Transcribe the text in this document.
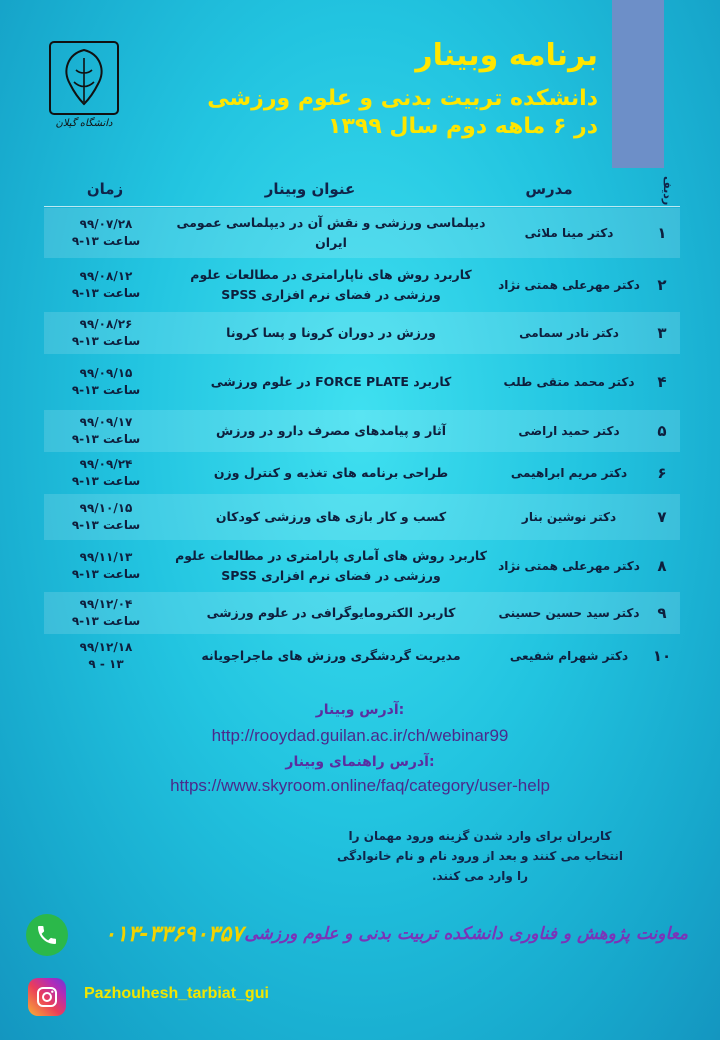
دانشگاه گیلان
برنامه وبینار
دانشکده تربیت بدنی و علوم ورزشی
در ۶ ماهه دوم سال ۱۳۹۹
ردیف
مدرس
عنوان وبینار
زمان
۱
دکتر مینا ملائی
دیپلماسی ورزشی و نقش آن در دیپلماسی عمومی ایران
۹۹/۰۷/۲۸
ساعت ۱۳-۹
۲
دکتر مهرعلی همتی نژاد
کاربرد روش های ناپارامتری در مطالعات علوم ورزشی در فضای نرم افزاری SPSS
۹۹/۰۸/۱۲
ساعت ۱۳-۹
۳
دکتر نادر سمامی
ورزش در دوران کرونا و پسا کرونا
۹۹/۰۸/۲۶
ساعت ۱۳-۹
۴
دکتر محمد متقی طلب
کاربرد FORCE PLATE در علوم ورزشی
۹۹/۰۹/۱۵
ساعت ۱۳-۹
۵
دکتر حمید اراضی
آثار و پیامدهای مصرف دارو در ورزش
۹۹/۰۹/۱۷
ساعت ۱۳-۹
۶
دکتر مریم ابراهیمی
طراحی برنامه های تغذیه و کنترل وزن
۹۹/۰۹/۲۴
ساعت ۱۳-۹
۷
دکتر نوشین بنار
کسب و کار بازی های ورزشی کودکان
۹۹/۱۰/۱۵
ساعت ۱۳-۹
۸
دکتر مهرعلی همتی نژاد
کاربرد روش های آماری پارامتری در مطالعات علوم ورزشی در فضای نرم افزاری SPSS
۹۹/۱۱/۱۳
ساعت ۱۳-۹
۹
دکتر سید حسین حسینی
کاربرد الکترومایوگرافی در علوم ورزشی
۹۹/۱۲/۰۴
ساعت ۱۳-۹
۱۰
دکتر شهرام شفیعی
مدیریت گردشگری ورزش های ماجراجویانه
۹۹/۱۲/۱۸
۱۳ - ۹
آدرس وبینار:
http://rooydad.guilan.ac.ir/ch/webinar99
آدرس راهنمای وبینار:
https://www.skyroom.online/faq/category/user-help
کاربران برای وارد شدن گزینه ورود مهمان را انتخاب می کنند و بعد از ورود نام و نام خانوادگی را وارد می کنند.
۰۱۳-۳۳۶۹۰۳۵۷ معاونت پژوهش و فناوری دانشکده تربیت بدنی و علوم ورزشی
Pazhouhesh_tarbiat_gui
